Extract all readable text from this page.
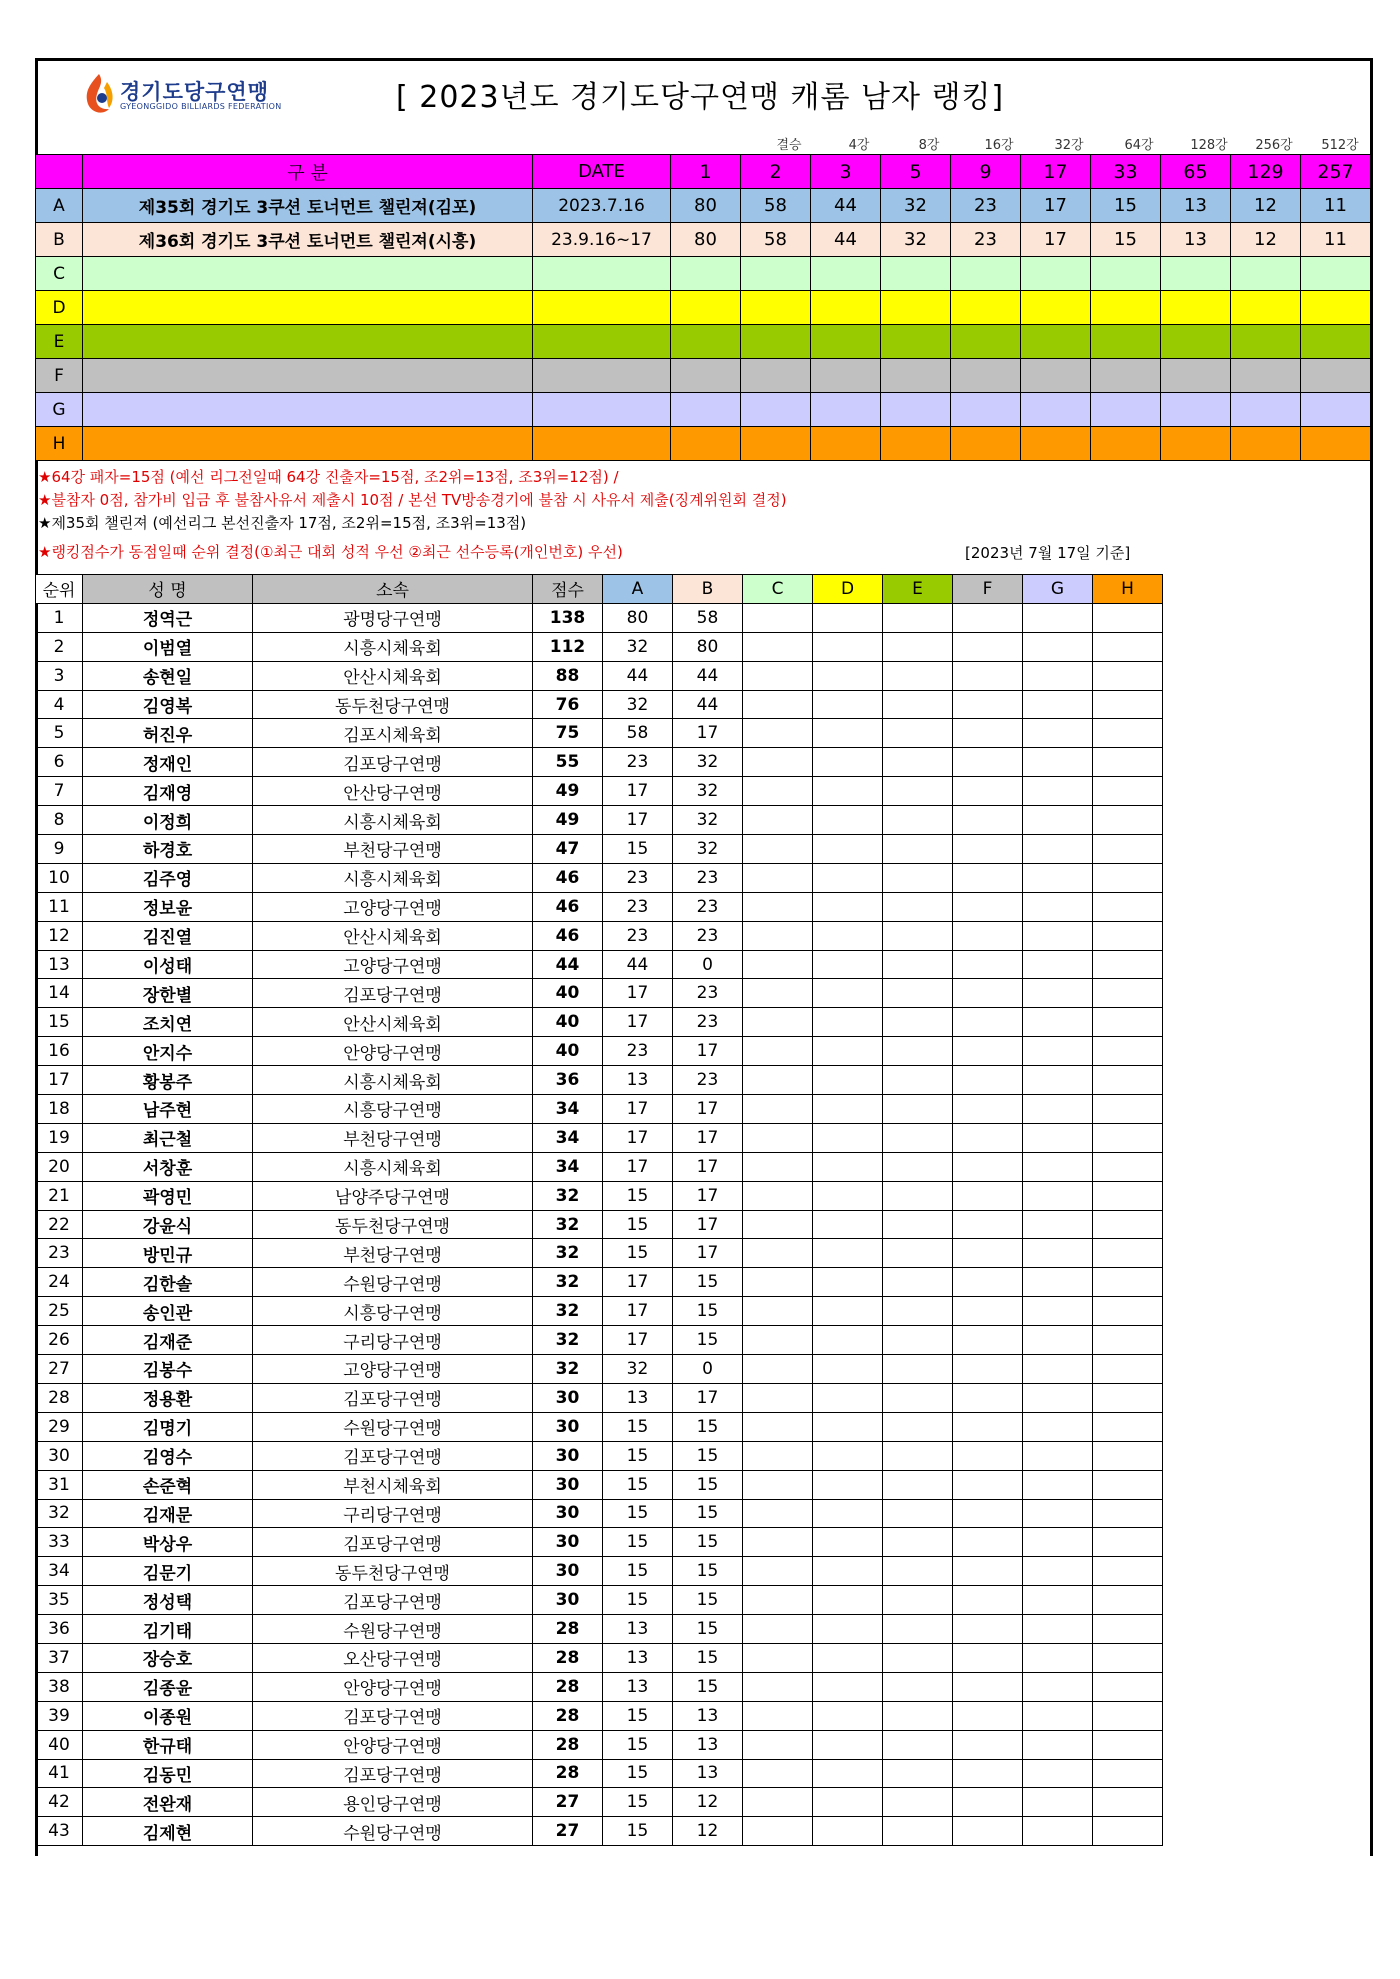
경기도당구연맹
GYEONGGIDO BILLIARDS FEDERATION	[ 2023년도 경기도당구연맹 캐롬 남자 랭킹]
결승	4강	8강	16강	32강	64강	128강	256강	512강
	구 분	DATE	1	2	3	5	9	17	33	65	129	257
A	제35회 경기도 3쿠션 토너먼트 챌린져(김포)	2023.7.16	80	58	44	32	23	17	15	13	12	11
B	제36회 경기도 3쿠션 토너먼트 챌린져(시흥)	23.9.16~17	80	58	44	32	23	17	15	13	12	11
C												
D												
E												
F												
G												
H												
★64강 패자=15점 (예선 리그전일때 64강 진출자=15점, 조2위=13점, 조3위=12점) /
★불참자 0점, 참가비 입금 후 불참사유서 제출시 10점 / 본선 TV방송경기에 불참 시 사유서 제출(징계위원회 결정)
★제35회 챌린져 (예선리그 본선진출자 17점, 조2위=15점, 조3위=13점)
★랭킹점수가 동점일때 순위 결정(①최근 대회 성적 우선 ②최근 선수등록(개인번호) 우선)	[2023년 7월 17일 기준]
순위	성 명	소속	점수	A	B	C	D	E	F	G	H
1	정역근	광명당구연맹	138	80	58						
2	이범열	시흥시체육회	112	32	80						
3	송현일	안산시체육회	88	44	44						
4	김영복	동두천당구연맹	76	32	44						
5	허진우	김포시체육회	75	58	17						
6	정재인	김포당구연맹	55	23	32						
7	김재영	안산당구연맹	49	17	32						
8	이정희	시흥시체육회	49	17	32						
9	하경호	부천당구연맹	47	15	32						
10	김주영	시흥시체육회	46	23	23						
11	정보윤	고양당구연맹	46	23	23						
12	김진열	안산시체육회	46	23	23						
13	이성태	고양당구연맹	44	44	0						
14	장한별	김포당구연맹	40	17	23						
15	조치연	안산시체육회	40	17	23						
16	안지수	안양당구연맹	40	23	17						
17	황봉주	시흥시체육회	36	13	23						
18	남주현	시흥당구연맹	34	17	17						
19	최근철	부천당구연맹	34	17	17						
20	서창훈	시흥시체육회	34	17	17						
21	곽영민	남양주당구연맹	32	15	17						
22	강윤식	동두천당구연맹	32	15	17						
23	방민규	부천당구연맹	32	15	17						
24	김한솔	수원당구연맹	32	17	15						
25	송인관	시흥당구연맹	32	17	15						
26	김재준	구리당구연맹	32	17	15						
27	김봉수	고양당구연맹	32	32	0						
28	정용환	김포당구연맹	30	13	17						
29	김명기	수원당구연맹	30	15	15						
30	김영수	김포당구연맹	30	15	15						
31	손준혁	부천시체육회	30	15	15						
32	김재문	구리당구연맹	30	15	15						
33	박상우	김포당구연맹	30	15	15						
34	김문기	동두천당구연맹	30	15	15						
35	정성택	김포당구연맹	30	15	15						
36	김기태	수원당구연맹	28	13	15						
37	장승호	오산당구연맹	28	13	15						
38	김종윤	안양당구연맹	28	13	15						
39	이종원	김포당구연맹	28	15	13						
40	한규태	안양당구연맹	28	15	13						
41	김동민	김포당구연맹	28	15	13						
42	전완재	용인당구연맹	27	15	12						
43	김제현	수원당구연맹	27	15	12						
